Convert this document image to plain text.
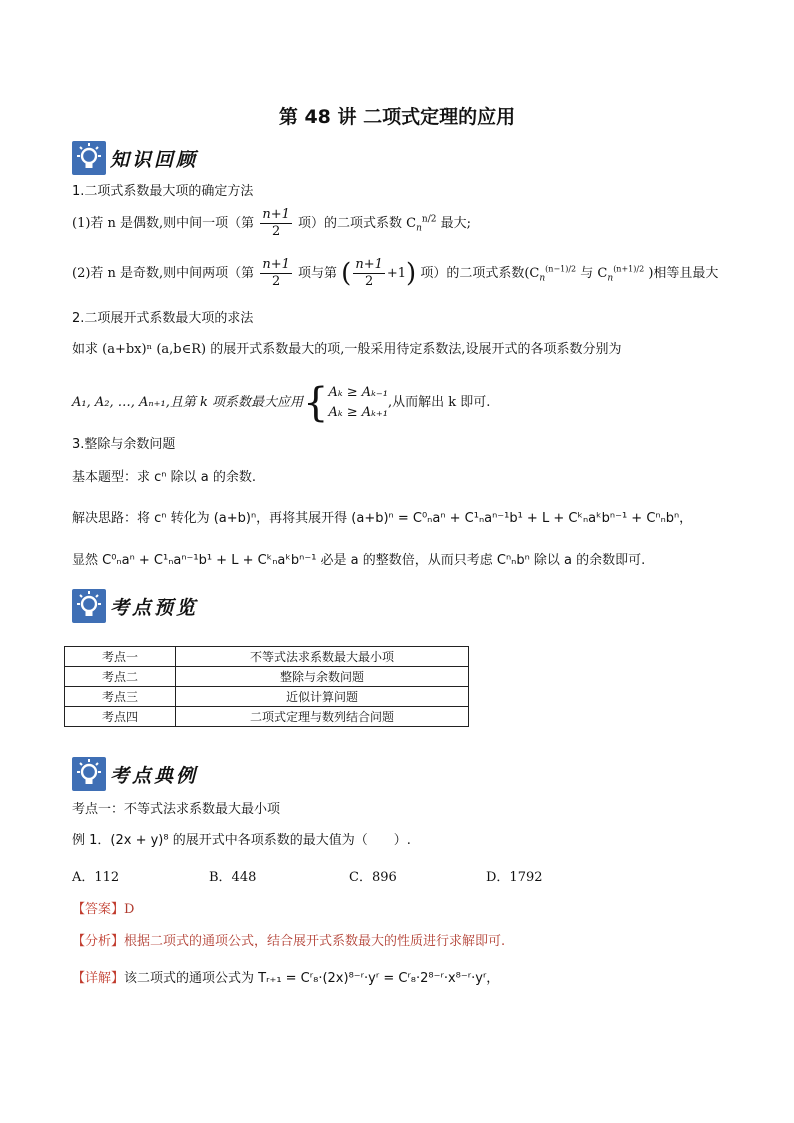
第 48 讲 二项式定理的应用
知识回顾
1.二项式系数最大项的确定方法
(1)若 n 是偶数,则中间一项（第 $\frac{n+1}{2}$ 项）的二项式系数 $C_n^{n/2}$ 最大;
(2)若 n 是奇数,则中间两项（第 $\frac{n+1}{2}$ 项与第 ( $\frac{n+1}{2} +1$) 项）的二项式系数($C_n^{(n-1)/2}$ 与 $C_n^{(n+1)/2}$ )相等且最大
2.二项展开式系数最大项的求法
如求 (a+bx)ⁿ (a,b∈R) 的展开式系数最大的项,一般采用待定系数法,设展开式的各项系数分别为
A₁, A₂, …, Aₙ₊₁,且第 k 项系数最大应用 { Aₖ ≥ Aₖ₋₁
Aₖ ≥ Aₖ₊₁
,从而解出 k 即可.
3.整除与余数问题
基本题型：求 cⁿ 除以 a 的余数.
解决思路：将 cⁿ 转化为 (a+b)ⁿ，再将其展开得 (a+b)ⁿ = C⁰ₙaⁿ + C¹ₙaⁿ⁻¹b¹ + L + Cᵏₙaᵏbⁿ⁻¹ + Cⁿₙbⁿ，
显然 C⁰ₙaⁿ + C¹ₙaⁿ⁻¹b¹ + L + Cᵏₙaᵏbⁿ⁻¹ 必是 a 的整数倍，从而只考虑 Cⁿₙbⁿ 除以 a 的余数即可.
考点预览
考点一	不等式法求系数最大最小项
考点二	整除与余数问题
考点三	近似计算问题
考点四	二项式定理与数列结合问题
考点典例
考点一：不等式法求系数最大最小项
例 1．(2x + y)⁸ 的展开式中各项系数的最大值为（　　）.
A．112	B．448	C．896	D．1792
【答案】D
【分析】根据二项式的通项公式，结合展开式系数最大的性质进行求解即可.
【详解】该二项式的通项公式为 Tᵣ₊₁ = Cʳ₈·(2x)⁸⁻ʳ·yʳ = Cʳ₈·2⁸⁻ʳ·x⁸⁻ʳ·yʳ，
